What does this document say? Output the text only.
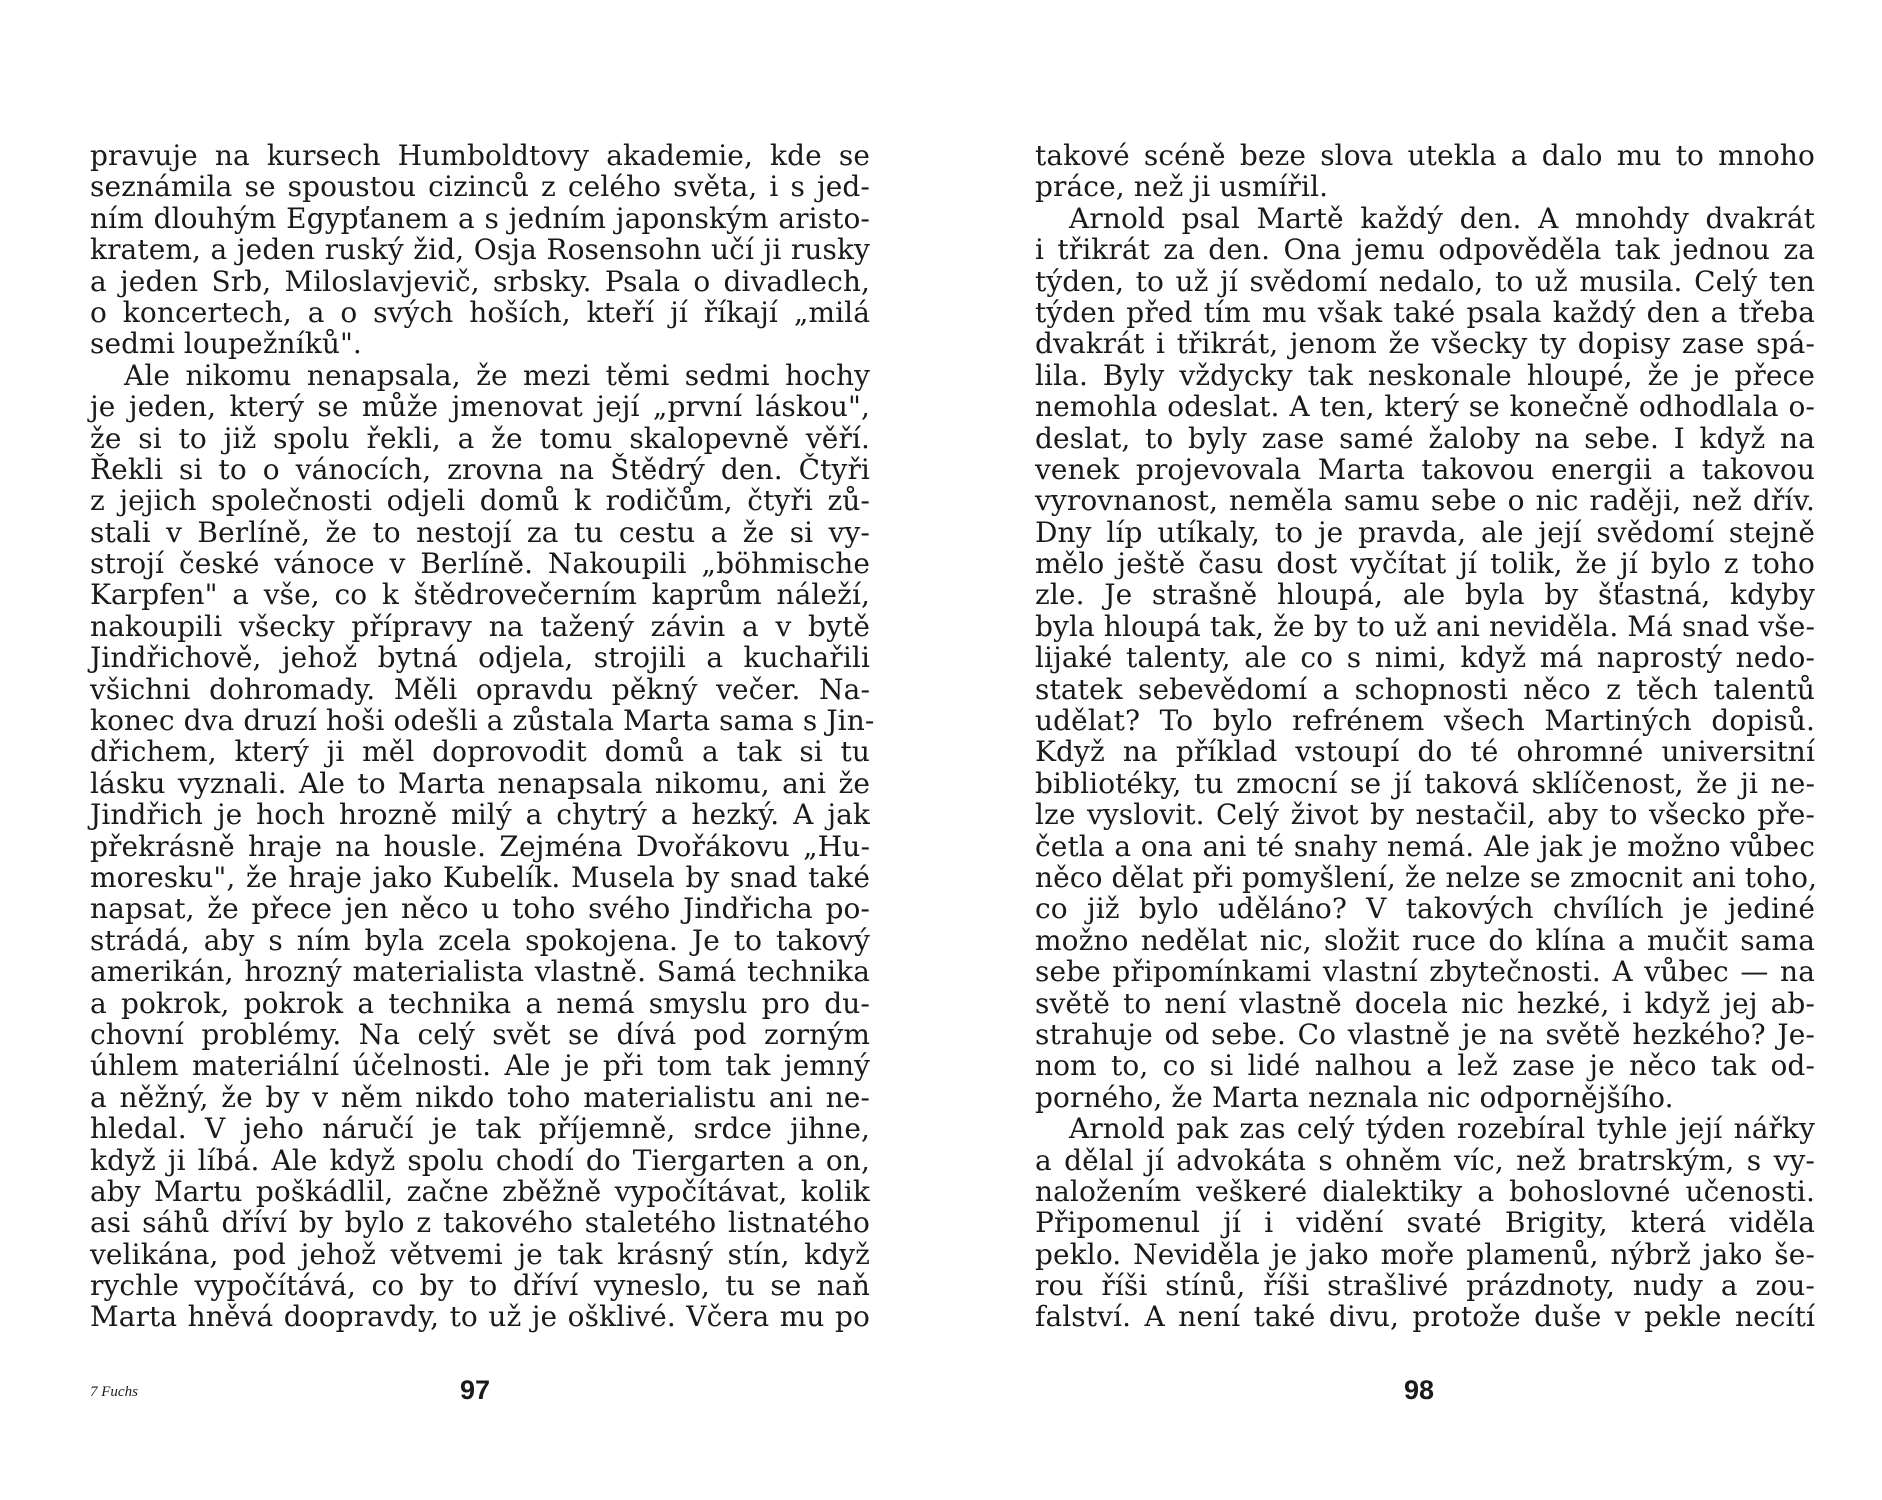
pravuje na kursech Humboldtovy akademie, kde se
seznámila se spoustou cizinců z celého světa, i s jed-
ním dlouhým Egypťanem a s jedním japonským aristo-
kratem, a jeden ruský žid, Osja Rosensohn učí ji rusky
a jeden Srb, Miloslavjevič, srbsky. Psala o divadlech,
o koncertech, a o svých hoších, kteří jí říkají „milá
sedmi loupežníků".
Ale nikomu nenapsala, že mezi těmi sedmi hochy
je jeden, který se může jmenovat její „první láskou",
že si to již spolu řekli, a že tomu skalopevně věří.
Řekli si to o vánocích, zrovna na Štědrý den. Čtyři
z jejich společnosti odjeli domů k rodičům, čtyři zů-
stali v Berlíně, že to nestojí za tu cestu a že si vy-
strojí české vánoce v Berlíně. Nakoupili „böhmische
Karpfen" a vše, co k štědrovečerním kaprům náleží,
nakoupili všecky přípravy na tažený závin a v bytě
Jindřichově, jehož bytná odjela, strojili a kuchařili
všichni dohromady. Měli opravdu pěkný večer. Na-
konec dva druzí hoši odešli a zůstala Marta sama s Jin-
dřichem, který ji měl doprovodit domů a tak si tu
lásku vyznali. Ale to Marta nenapsala nikomu, ani že
Jindřich je hoch hrozně milý a chytrý a hezký. A jak
překrásně hraje na housle. Zejména Dvořákovu „Hu-
moresku", že hraje jako Kubelík. Musela by snad také
napsat, že přece jen něco u toho svého Jindřicha po-
strádá, aby s ním byla zcela spokojena. Je to takový
amerikán, hrozný materialista vlastně. Samá technika
a pokrok, pokrok a technika a nemá smyslu pro du-
chovní problémy. Na celý svět se dívá pod zorným
úhlem materiální účelnosti. Ale je při tom tak jemný
a něžný, že by v něm nikdo toho materialistu ani ne-
hledal. V jeho náručí je tak příjemně, srdce jihne,
když ji líbá. Ale když spolu chodí do Tiergarten a on,
aby Martu poškádlil, začne zběžně vypočítávat, kolik
asi sáhů dříví by bylo z takového staletého listnatého
velikána, pod jehož větvemi je tak krásný stín, když
rychle vypočítává, co by to dříví vyneslo, tu se naň
Marta hněvá doopravdy, to už je ošklivé. Včera mu po
7 Fuchs	97
takové scéně beze slova utekla a dalo mu to mnoho
práce, než ji usmířil.
Arnold psal Martě každý den. A mnohdy dvakrát
i třikrát za den. Ona jemu odpověděla tak jednou za
týden, to už jí svědomí nedalo, to už musila. Celý ten
týden před tím mu však také psala každý den a třeba
dvakrát i třikrát, jenom že všecky ty dopisy zase spá-
lila. Byly vždycky tak neskonale hloupé, že je přece
nemohla odeslat. A ten, který se konečně odhodlala o-
deslat, to byly zase samé žaloby na sebe. I když na
venek projevovala Marta takovou energii a takovou
vyrovnanost, neměla samu sebe o nic raději, než dřív.
Dny líp utíkaly, to je pravda, ale její svědomí stejně
mělo ještě času dost vyčítat jí tolik, že jí bylo z toho
zle. Je strašně hloupá, ale byla by šťastná, kdyby
byla hloupá tak, že by to už ani neviděla. Má snad vše-
lijaké talenty, ale co s nimi, když má naprostý nedo-
statek sebevědomí a schopnosti něco z těch talentů
udělat? To bylo refrénem všech Martiných dopisů.
Když na příklad vstoupí do té ohromné universitní
bibliotéky, tu zmocní se jí taková sklíčenost, že ji ne-
lze vyslovit. Celý život by nestačil, aby to všecko pře-
četla a ona ani té snahy nemá. Ale jak je možno vůbec
něco dělat při pomyšlení, že nelze se zmocnit ani toho,
co již bylo uděláno? V takových chvílích je jediné
možno nedělat nic, složit ruce do klína a mučit sama
sebe připomínkami vlastní zbytečnosti. A vůbec — na
světě to není vlastně docela nic hezké, i když jej ab-
strahuje od sebe. Co vlastně je na světě hezkého? Je-
nom to, co si lidé nalhou a lež zase je něco tak od-
porného, že Marta neznala nic odpornějšího.
Arnold pak zas celý týden rozebíral tyhle její nářky
a dělal jí advokáta s ohněm víc, než bratrským, s vy-
naložením veškeré dialektiky a bohoslovné učenosti.
Připomenul jí i vidění svaté Brigity, která viděla
peklo. Neviděla je jako moře plamenů, nýbrž jako še-
rou říši stínů, říši strašlivé prázdnoty, nudy a zou-
falství. A není také divu, protože duše v pekle necítí
98
